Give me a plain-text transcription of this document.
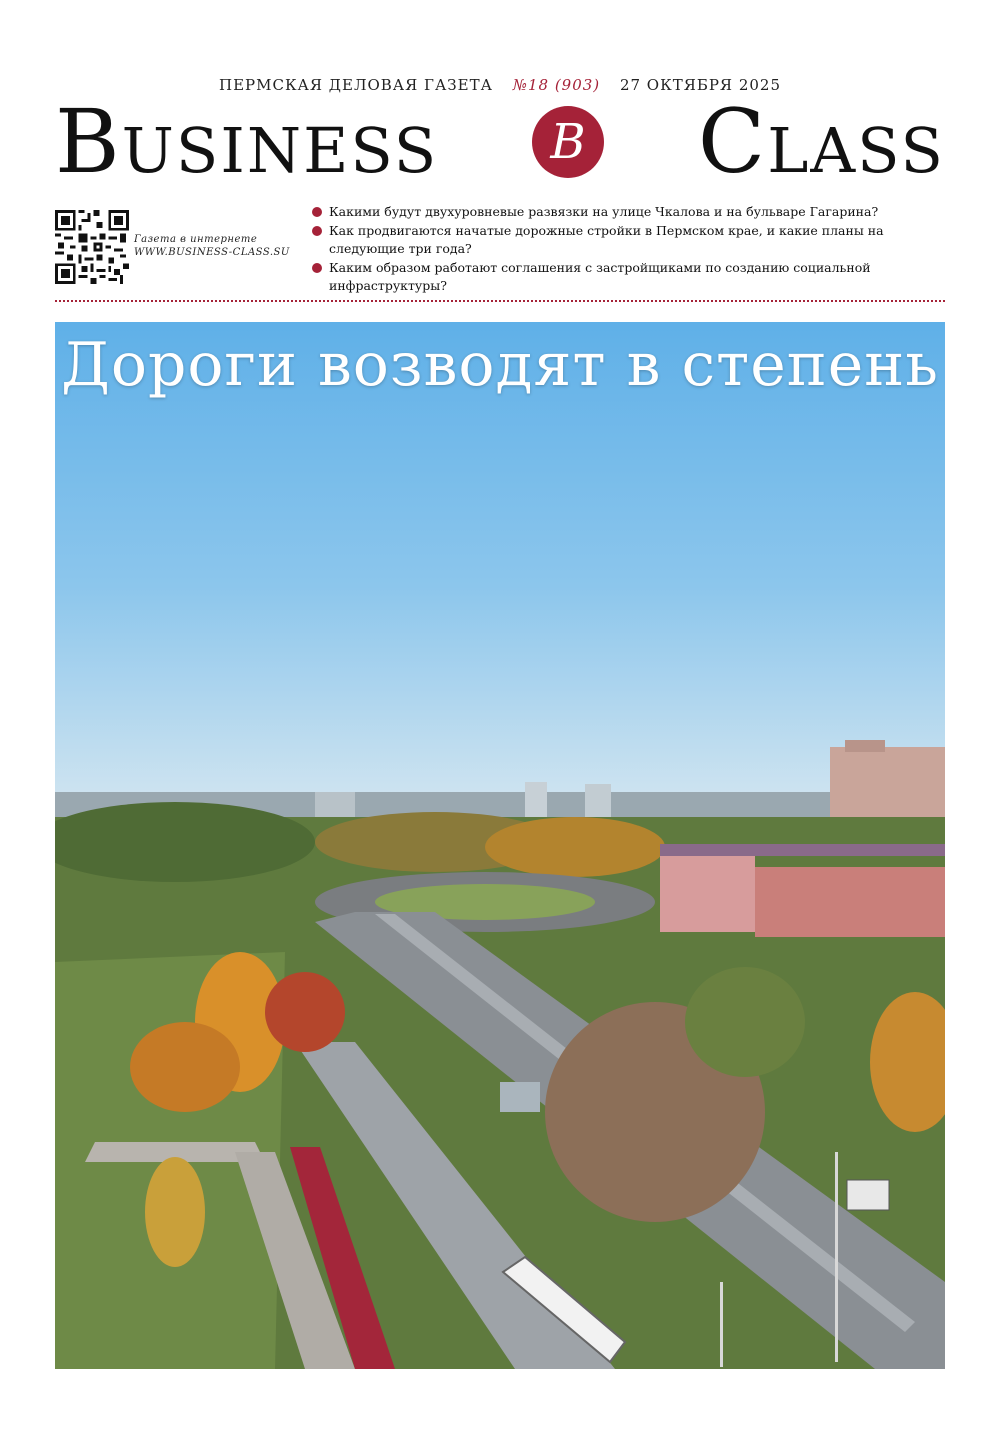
ПЕРМСКАЯ ДЕЛОВАЯ ГАЗЕТА №18 (903) 27 ОКТЯБРЯ 2025
Business	B Class
Газета в интернете
WWW.BUSINESS-CLASS.SU
Какими будут двухуровневые развязки на улице Чкалова и на бульваре Гагарина?
Как продвигаются начатые дорожные стройки в Пермском крае, и какие планы на следующие три года?
Каким образом работают соглашения с застройщиками по созданию социальной инфраструктуры?
Дороги возводят в степень
